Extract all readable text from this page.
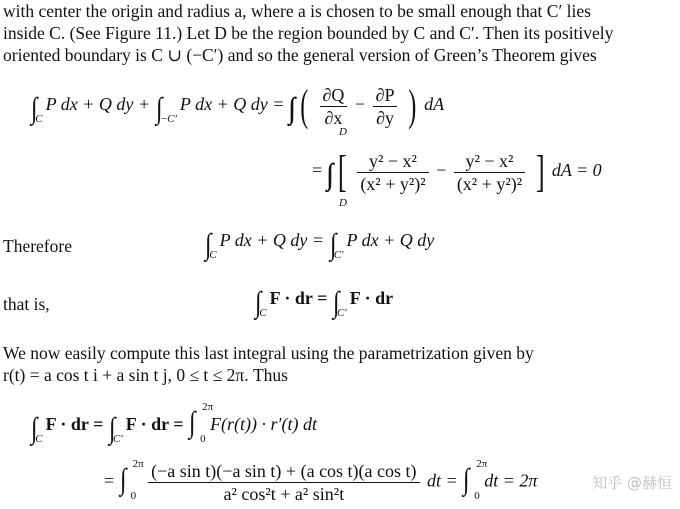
with center the origin and radius a, where a is chosen to be small enough that C′ lies

inside C. (See Figure 11.) Let D be the region bounded by C and C′. Then its positively

oriented boundary is C ∪ (−C′) and so the general version of Green’s Theorem gives

∫CP dx + Q dy + ∫−C′P dx + Q dy = ( $\frac{\partial Q}{\partial x} - \frac{\partial P}{\partial y}$ ) dA
D
= [ $\frac{\text{y² − x²}}{\text{(x² + y²)²}} - \frac{\text{y² − x²}}{\text{(x² + y²)²}}$ ] dA = 0
D
Therefore	∫CP dx + Q dy = ∫C′P dx + Q dy
that is,	∫CF · dr = ∫C′F · dr

We now easily compute this last integral using the parametrization given by

r(t) = a cos t i + a sin t j, 0 ≤ t ≤ 2π. Thus

∫CF · dr = ∫C′F · dr = ∫ 2π
0
F(r(t)) · r′(t) dt
= ∫ 2π
0
$\frac{\text{(−a sin t)(−a sin t) + (a cos t)(a cos t)}}{\text{a² cos²t + a² sin²t}}$ dt = ∫ 2π
0
dt = 2π	知乎 @赫恒
